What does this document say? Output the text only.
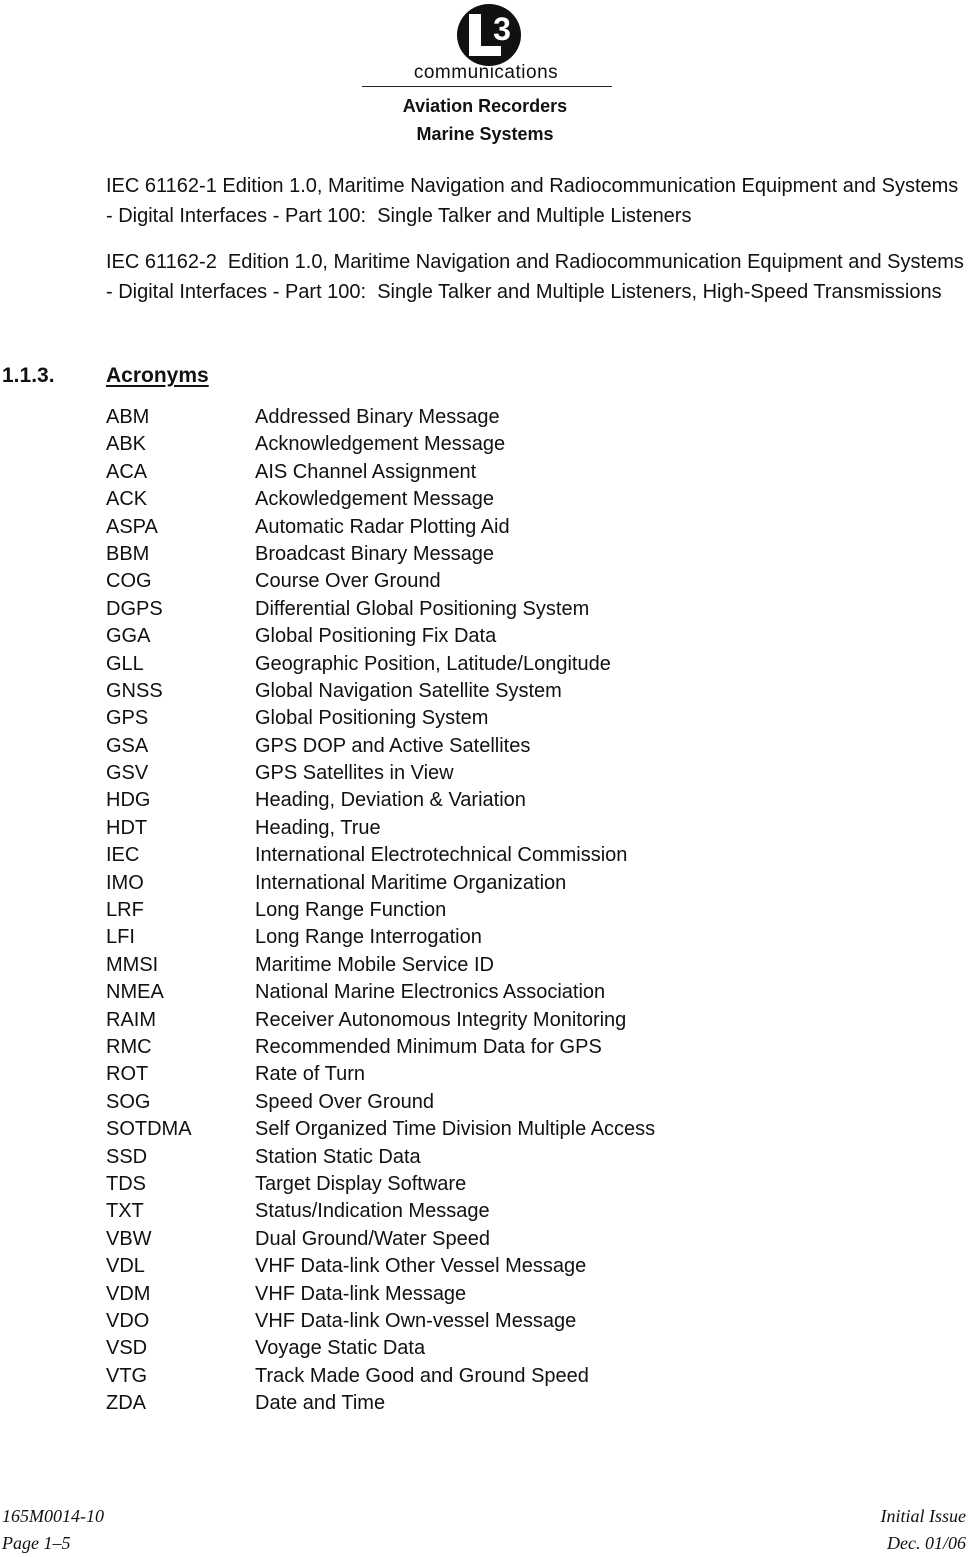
3
communications
Aviation Recorders
Marine Systems

IEC 61162-1 Edition 1.0, Maritime Navigation and Radiocommunication Equipment and Systems - Digital Interfaces - Part 100:  Single Talker and Multiple Listeners

IEC 61162-2  Edition 1.0, Maritime Navigation and Radiocommunication Equipment and Systems - Digital Interfaces - Part 100:  Single Talker and Multiple Listeners, High-Speed Transmissions

1.1.3. Acronyms
ABM	Addressed Binary Message
ABK	Acknowledgement Message
ACA	AIS Channel Assignment
ACK	Ackowledgement Message
ASPA	Automatic Radar Plotting Aid
BBM	Broadcast Binary Message
COG	Course Over Ground
DGPS	Differential Global Positioning System
GGA	Global Positioning Fix Data
GLL	Geographic Position, Latitude/Longitude
GNSS	Global Navigation Satellite System
GPS	Global Positioning System
GSA	GPS DOP and Active Satellites
GSV	GPS Satellites in View
HDG	Heading, Deviation & Variation
HDT	Heading, True
IEC	International Electrotechnical Commission
IMO	International Maritime Organization
LRF	Long Range Function
LFI	Long Range Interrogation
MMSI	Maritime Mobile Service ID
NMEA	National Marine Electronics Association
RAIM	Receiver Autonomous Integrity Monitoring
RMC	Recommended Minimum Data for GPS
ROT	Rate of Turn
SOG	Speed Over Ground
SOTDMA	Self Organized Time Division Multiple Access
SSD	Station Static Data
TDS	Target Display Software
TXT	Status/Indication Message
VBW	Dual Ground/Water Speed
VDL	VHF Data-link Other Vessel Message
VDM	VHF Data-link Message
VDO	VHF Data-link Own-vessel Message
VSD	Voyage Static Data
VTG	Track Made Good and Ground Speed
ZDA	Date and Time
165M0014-10
Page 1–5
Initial Issue
Dec. 01/06
